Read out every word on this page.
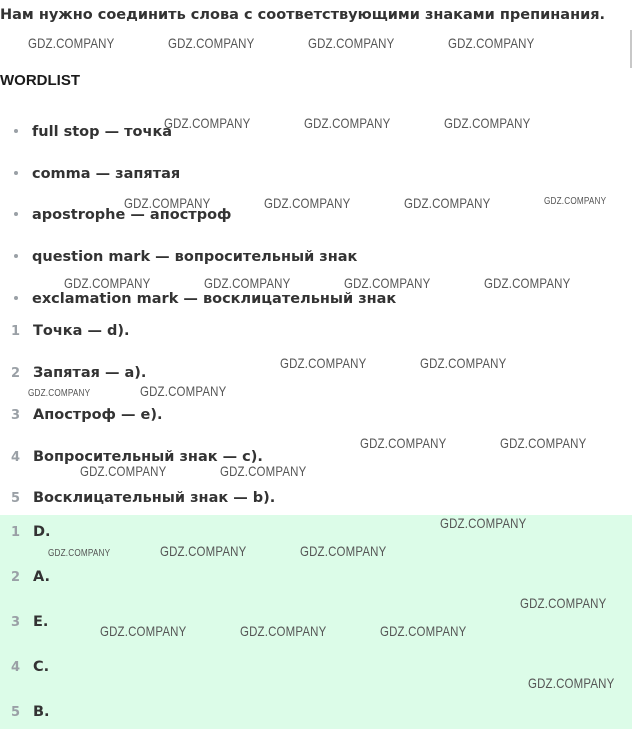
Нам нужно соединить слова с соответствующими знаками препинания.
WORDLIST
full stop — точка
comma — запятая
apostrophe — апостроф
question mark — вопросительный знак
exclamation mark — восклицательный знак
1 Точка — d).
2 Запятая — a).
3 Апостроф — e).
4 Вопросительный знак — c).
5 Восклицательный знак — b).
1 D.
2 A.
3 E.
4 C.
5 B.
GDZ.COMPANY	GDZ.COMPANY	GDZ.COMPANY	GDZ.COMPANY
GDZ.COMPANY	GDZ.COMPANY	GDZ.COMPANY
GDZ.COMPANY	GDZ.COMPANY	GDZ.COMPANY	GDZ.COMPANY
GDZ.COMPANY	GDZ.COMPANY	GDZ.COMPANY	GDZ.COMPANY
GDZ.COMPANY	GDZ.COMPANY
GDZ.COMPANY	GDZ.COMPANY
GDZ.COMPANY	GDZ.COMPANY
GDZ.COMPANY	GDZ.COMPANY
GDZ.COMPANY
GDZ.COMPANY	GDZ.COMPANY	GDZ.COMPANY
GDZ.COMPANY
GDZ.COMPANY	GDZ.COMPANY	GDZ.COMPANY
GDZ.COMPANY
